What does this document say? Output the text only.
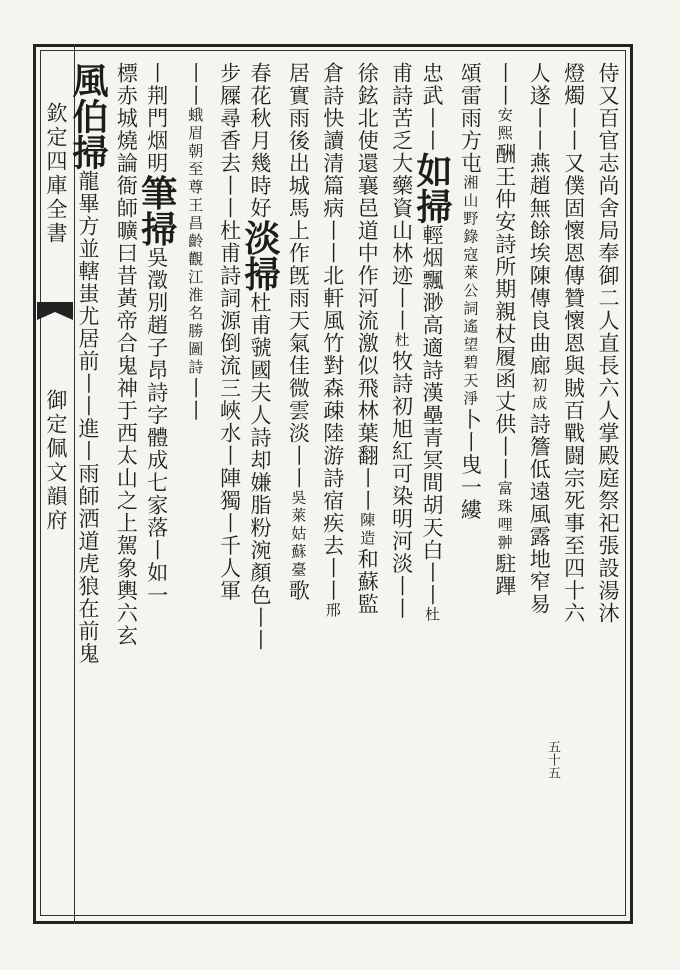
欽定四庫全書
御定佩文韻府	侍又百官志尚舍局奉御二人直長六人掌殿庭祭祀張設湯沐
燈燭丨丨又僕固懷恩傳贊懷恩與賊百戰闘宗死事至四十六
人遂丨丨燕趙無餘埃陳傳良曲廊初成詩簷低遠風露地窄易
丨丨安熙酬王仲安詩所期親杖履函丈供丨丨富珠哩翀駐蹕
頌雷雨方屯湘山野錄寇萊公詞遙望碧天淨卜丨曳一縷
忠武丨丨如掃輕烟飄渺高適詩漢壘青冥間胡天白丨丨杜
甫詩苦乏大藥資山林迹丨丨杜牧詩初旭紅可染明河淡丨丨
徐鉉北使還襄邑道中作河流激似飛林葉翻丨丨陳造和蘇監
倉詩快讀清篇病丨丨北軒風竹對森疎陸游詩宿疾去丨丨邢
居實雨後出城馬上作旣雨天氣佳微雲淡丨丨吳萊姑蘇臺歌
春花秋月幾時好淡掃杜甫虢國夫人詩却嫌脂粉涴顏色丨丨
步屧尋香去丨丨杜甫詩詞源倒流三峽水丨陣獨丨千人軍
丨丨蛾眉朝至尊王昌齡觀江淮名勝圖詩丨丨
丨荆門烟明筆掃吳澂別趙子昂詩字體成七家落丨如一
標赤城燒論衙師曠曰昔黃帝合鬼神于西太山之上駕象輿六玄
風伯掃龍畢方並轄蚩尤居前丨丨進丨雨師洒道虎狼在前鬼
五十五
